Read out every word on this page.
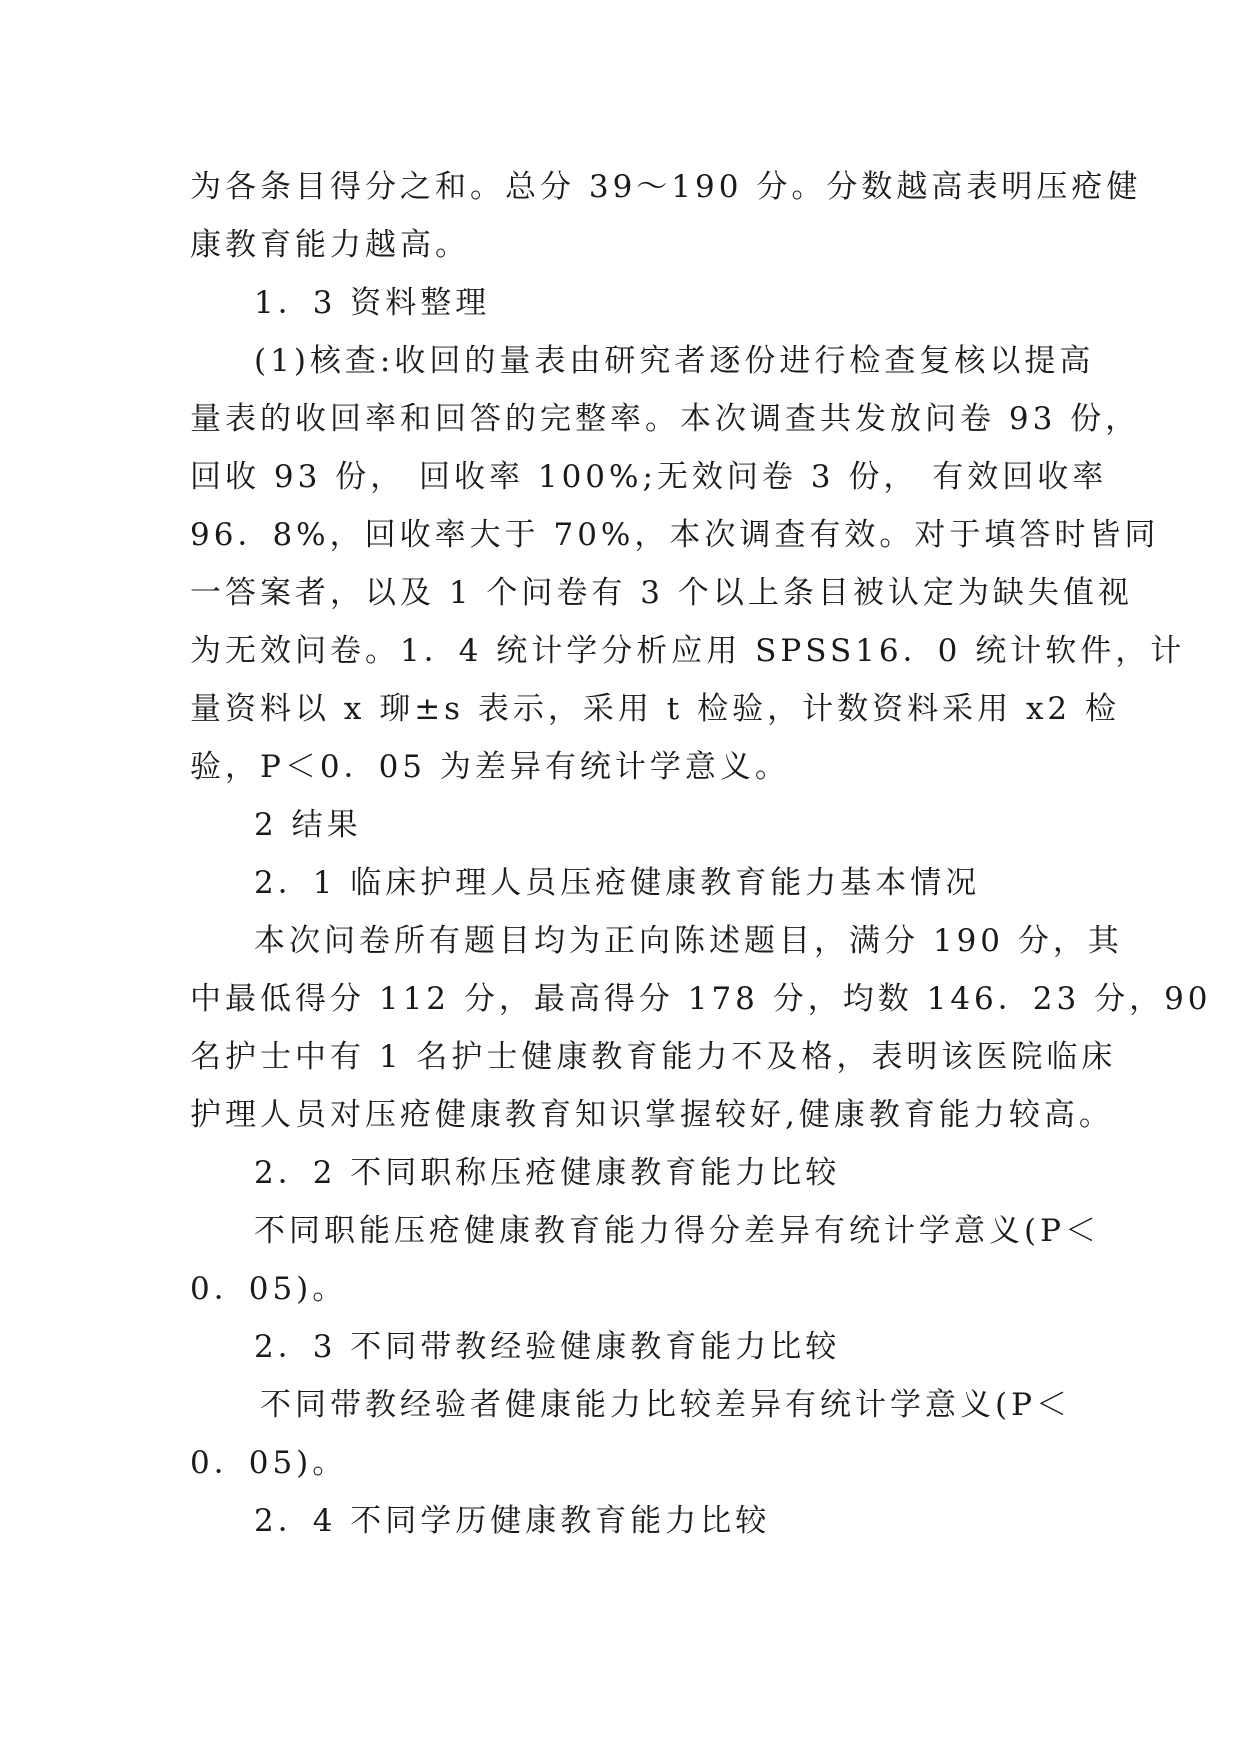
为各条目得分之和。总分 39～190 分。分数越高表明压疮健
康教育能力越高。
1．3 资料整理
(1)核查:收回的量表由研究者逐份进行检查复核以提高
量表的收回率和回答的完整率。本次调查共发放问卷 93 份，
回收 93 份， 回收率 100%;无效问卷 3 份， 有效回收率
96．8%，回收率大于 70%，本次调查有效。对于填答时皆同
一答案者，以及 1 个问卷有 3 个以上条目被认定为缺失值视
为无效问卷。1．4 统计学分析应用 SPSS16．0 统计软件，计
量资料以 x 珋±s 表示，采用 t 检验，计数资料采用 x2 检
验，P＜0．05 为差异有统计学意义。
2 结果
2．1 临床护理人员压疮健康教育能力基本情况
本次问卷所有题目均为正向陈述题目，满分 190 分，其
中最低得分 112 分，最高得分 178 分，均数 146．23 分，90
名护士中有 1 名护士健康教育能力不及格，表明该医院临床
护理人员对压疮健康教育知识掌握较好,健康教育能力较高。
2．2 不同职称压疮健康教育能力比较
不同职能压疮健康教育能力得分差异有统计学意义(P＜
0．05)。
2．3 不同带教经验健康教育能力比较
不同带教经验者健康能力比较差异有统计学意义(P＜
0．05)。
2．4 不同学历健康教育能力比较
